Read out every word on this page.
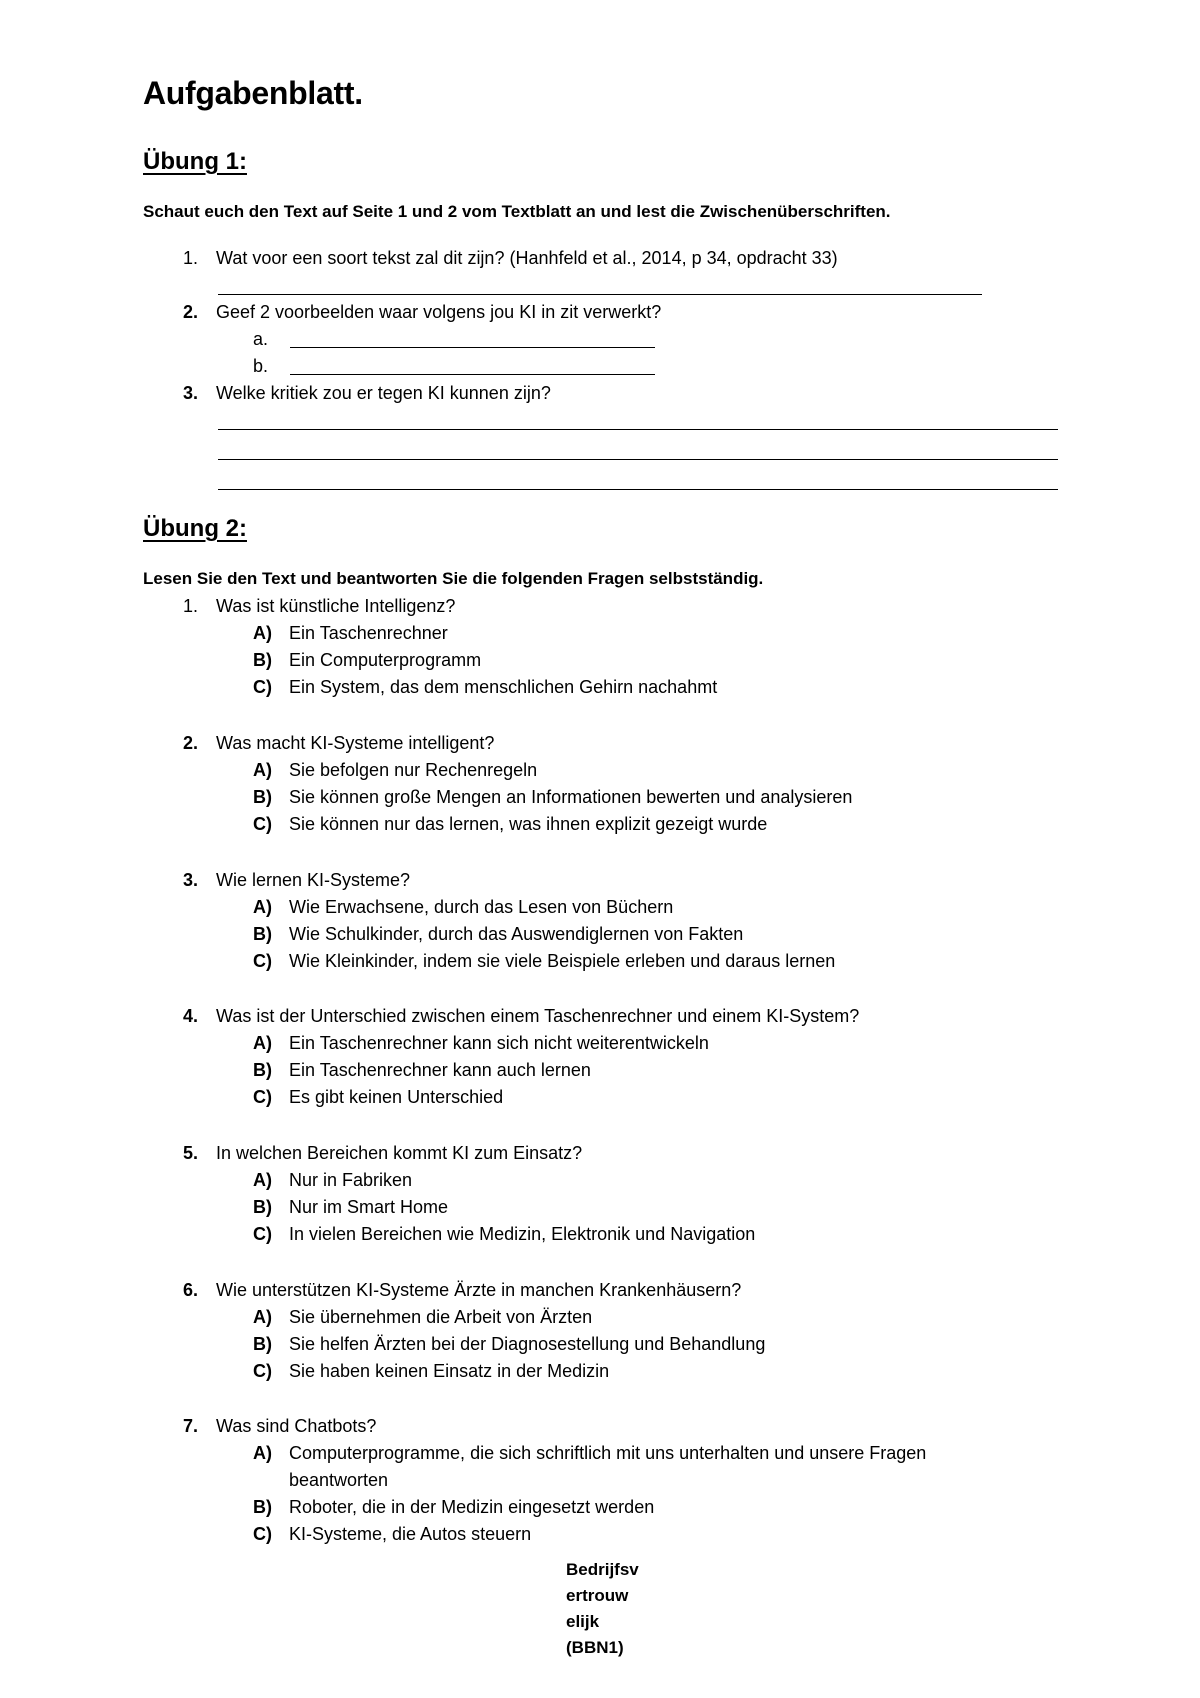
Aufgabenblatt.
Übung 1:
Schaut euch den Text auf Seite 1 und 2 vom Textblatt an und lest die Zwischenüberschriften.
1. Wat voor een soort tekst zal dit zijn? (Hanhfeld et al., 2014, p 34, opdracht 33)
2. Geef 2 voorbeelden waar volgens jou KI in zit verwerkt?
a.
b.
3. Welke kritiek zou er tegen KI kunnen zijn?
Übung 2:
Lesen Sie den Text und beantworten Sie die folgenden Fragen selbstständig.
1. Was ist künstliche Intelligenz?
A) Ein Taschenrechner
B) Ein Computerprogramm
C) Ein System, das dem menschlichen Gehirn nachahmt
2. Was macht KI-Systeme intelligent?
A) Sie befolgen nur Rechenregeln
B) Sie können große Mengen an Informationen bewerten und analysieren
C) Sie können nur das lernen, was ihnen explizit gezeigt wurde
3. Wie lernen KI-Systeme?
A) Wie Erwachsene, durch das Lesen von Büchern
B) Wie Schulkinder, durch das Auswendiglernen von Fakten
C) Wie Kleinkinder, indem sie viele Beispiele erleben und daraus lernen
4. Was ist der Unterschied zwischen einem Taschenrechner und einem KI-System?
A) Ein Taschenrechner kann sich nicht weiterentwickeln
B) Ein Taschenrechner kann auch lernen
C) Es gibt keinen Unterschied
5. In welchen Bereichen kommt KI zum Einsatz?
A) Nur in Fabriken
B) Nur im Smart Home
C) In vielen Bereichen wie Medizin, Elektronik und Navigation
6. Wie unterstützen KI-Systeme Ärzte in manchen Krankenhäusern?
A) Sie übernehmen die Arbeit von Ärzten
B) Sie helfen Ärzten bei der Diagnosestellung und Behandlung
C) Sie haben keinen Einsatz in der Medizin
7. Was sind Chatbots?
A) Computerprogramme, die sich schriftlich mit uns unterhalten und unsere Fragen
beantworten
B) Roboter, die in der Medizin eingesetzt werden
C) KI-Systeme, die Autos steuern
Bedrijfsv
ertrouw
elijk
(BBN1)
